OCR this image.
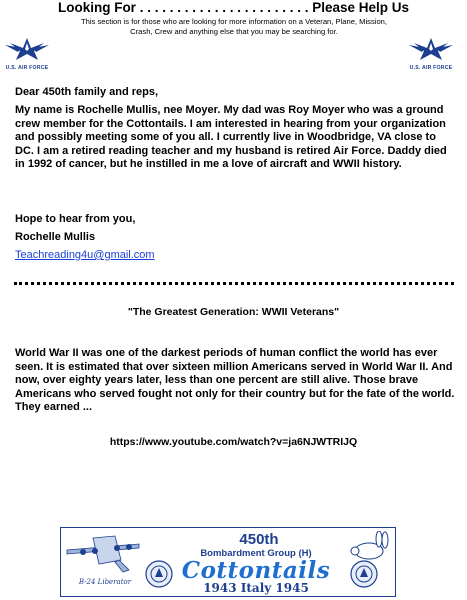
Looking For . . . . . . . . . . . . . . . . . . . . . . . Please Help Us
This section is for those who are looking for more information on a Veteran, Plane, Mission, Crash, Crew and anything else that you may be searching for.
U.S. AIR FORCE	U.S. AIR FORCE
Dear 450th family and reps,
My name is Rochelle Mullis, nee Moyer. My dad was Roy Moyer who was a ground crew member for the Cottontails. I am interested in hearing from your organization and possibly meeting some of you all. I currently live in Woodbridge, VA close to DC. I am a retired reading teacher and my husband is retired Air Force. Daddy died in 1992 of cancer, but he instilled in me a love of aircraft and WWII history.
Hope to hear from you,
Rochelle Mullis
Teachreading4u@gmail.com
"The Greatest Generation: WWII Veterans"
World War II was one of the darkest periods of human conflict the world has ever seen. It is estimated that over sixteen million Americans served in World War II. And now, over eighty years later, less than one percent are still alive. Those brave Americans who served fought not only for their country but for the fate of the world. They earned ...
https://www.youtube.com/watch?v=ja6NJWTRIJQ
B-24 Liberator
450th
Bombardment Group (H)
Cottontails
1943 Italy 1945
